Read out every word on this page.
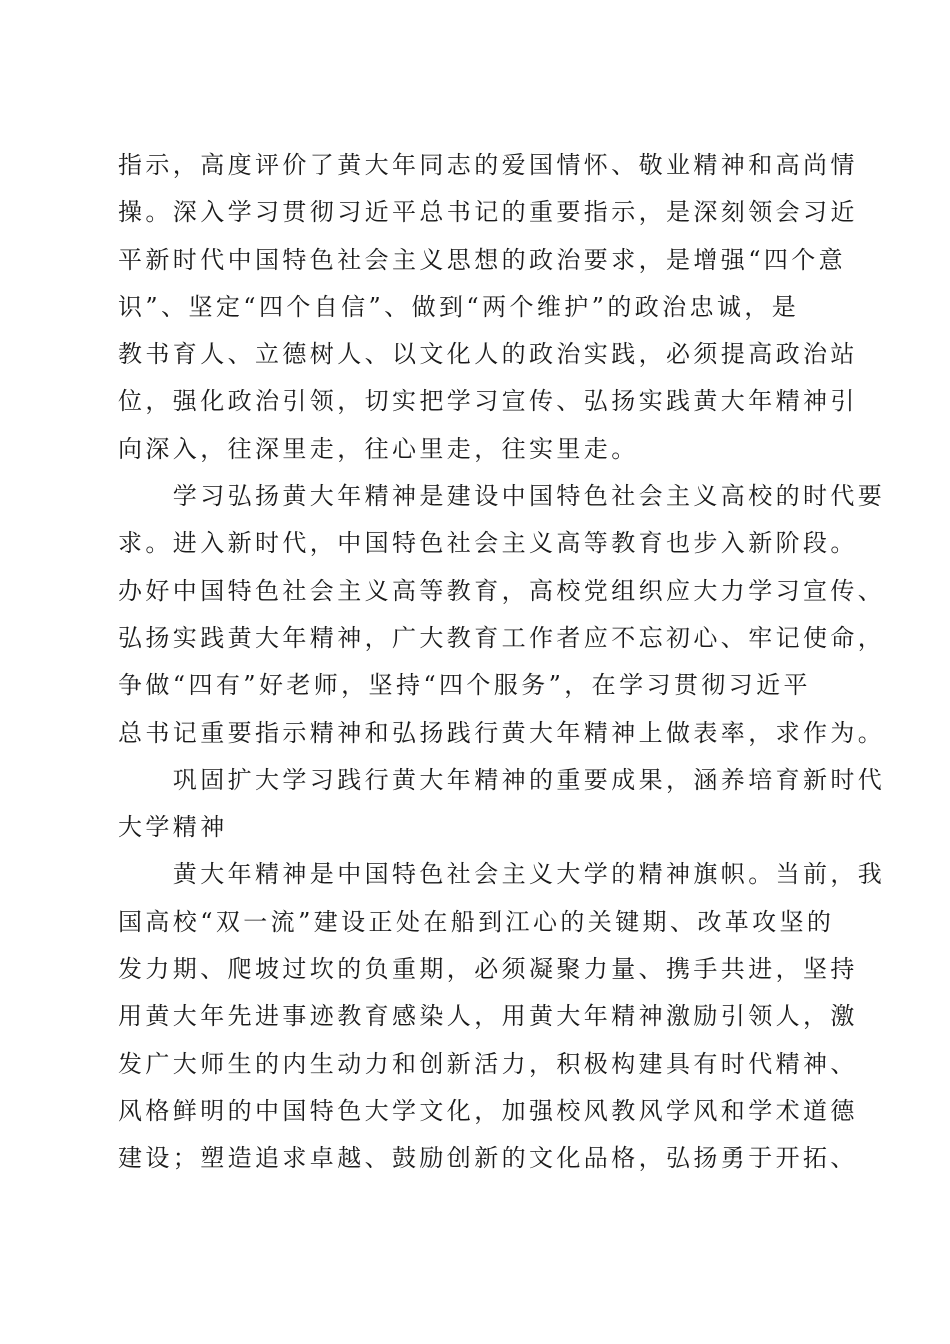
指示，高度评价了黄大年同志的爱国情怀、敬业精神和高尚情
操。深入学习贯彻习近平总书记的重要指示，是深刻领会习近
平新时代中国特色社会主义思想的政治要求，是增强“四个意
识”、坚定“四个自信”、做到“两个维护”的政治忠诚，是
教书育人、立德树人、以文化人的政治实践，必须提高政治站
位，强化政治引领，切实把学习宣传、弘扬实践黄大年精神引
向深入，往深里走，往心里走，往实里走。
　　学习弘扬黄大年精神是建设中国特色社会主义高校的时代要
求。进入新时代，中国特色社会主义高等教育也步入新阶段。
办好中国特色社会主义高等教育，高校党组织应大力学习宣传、
弘扬实践黄大年精神，广大教育工作者应不忘初心、牢记使命，
争做“四有”好老师，坚持“四个服务”，在学习贯彻习近平
总书记重要指示精神和弘扬践行黄大年精神上做表率，求作为。
　　巩固扩大学习践行黄大年精神的重要成果，涵养培育新时代
大学精神
　　黄大年精神是中国特色社会主义大学的精神旗帜。当前，我
国高校“双一流”建设正处在船到江心的关键期、改革攻坚的
发力期、爬坡过坎的负重期，必须凝聚力量、携手共进，坚持
用黄大年先进事迹教育感染人，用黄大年精神激励引领人，激
发广大师生的内生动力和创新活力，积极构建具有时代精神、
风格鲜明的中国特色大学文化，加强校风教风学风和学术道德
建设；塑造追求卓越、鼓励创新的文化品格，弘扬勇于开拓、
